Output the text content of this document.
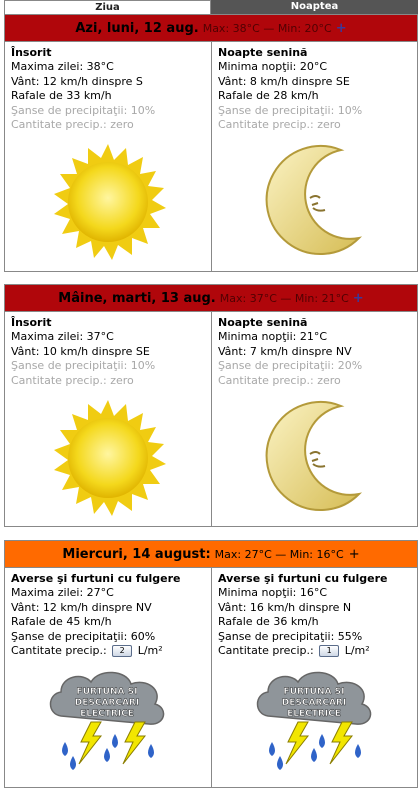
Ziua	Noaptea
Azi, luni, 12 aug. Max: 38°C — Min: 20°C +
Însorit
Maxima zilei: 38°C
Vânt: 12 km/h dinspre S
Rafale de 33 km/h
Şanse de precipitaţii: 10%
Cantitate precip.: zero
Noapte senină
Minima nopţii: 20°C
Vânt: 8 km/h dinspre SE
Rafale de 28 km/h
Şanse de precipitaţii: 10%
Cantitate precip.: zero
Mâine, marti, 13 aug. Max: 37°C — Min: 21°C +
Însorit
Maxima zilei: 37°C
Vânt: 10 km/h dinspre SE
Şanse de precipitaţii: 10%
Cantitate precip.: zero
Noapte senină
Minima nopţii: 21°C
Vânt: 7 km/h dinspre NV
Şanse de precipitaţii: 20%
Cantitate precip.: zero
Miercuri, 14 august: Max: 27°C — Min: 16°C +
Averse şi furtuni cu fulgere
Maxima zilei: 27°C
Vânt: 12 km/h dinspre NV
Rafale de 45 km/h
Şanse de precipitaţii: 60%
Cantitate precip.: 2 L/m²
FURTUNA SI
DESCARCARI
ELECTRICE
Averse şi furtuni cu fulgere
Minima nopţii: 16°C
Vânt: 16 km/h dinspre N
Rafale de 36 km/h
Şanse de precipitaţii: 55%
Cantitate precip.: 1 L/m²
FURTUNA SI
DESCARCARI
ELECTRICE
